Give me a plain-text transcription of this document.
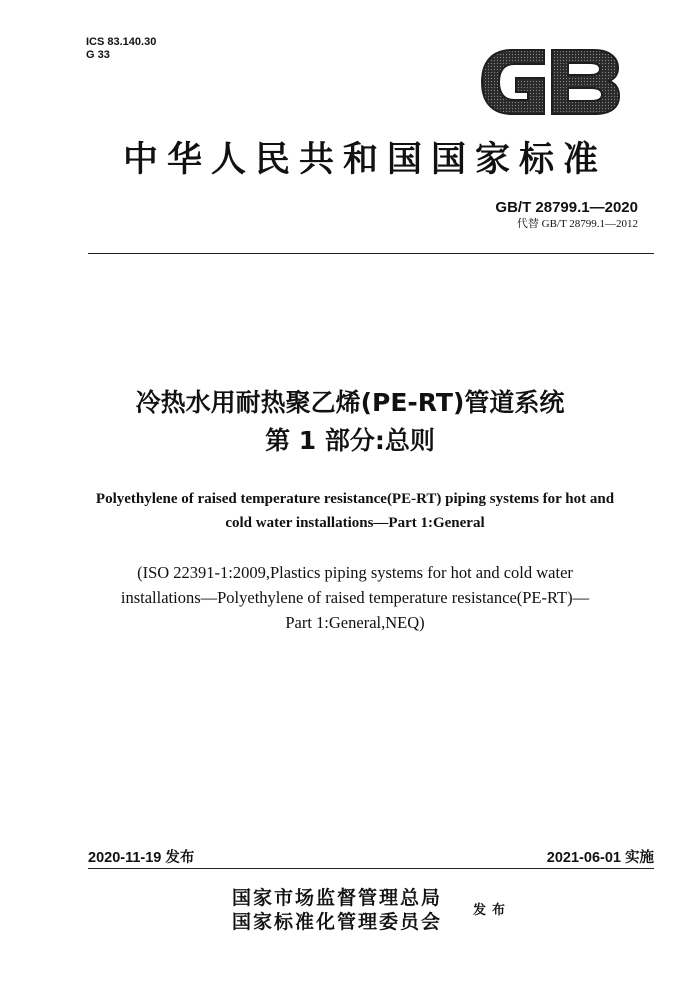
ICS 83.140.30
G 33
中华人民共和国国家标准
GB/T 28799.1—2020
代替 GB/T 28799.1—2012
冷热水用耐热聚乙烯(PE-RT)管道系统
第 1 部分:总则
Polyethylene of raised temperature resistance(PE-RT) piping systems for hot and
cold water installations—Part 1:General
(ISO 22391-1:2009,Plastics piping systems for hot and cold water
installations—Polyethylene of raised temperature resistance(PE-RT)—
Part 1:General,NEQ)
2020-11-19 发布	2021-06-01 实施
国家市场监督管理总局
国家标准化管理委员会
发布
